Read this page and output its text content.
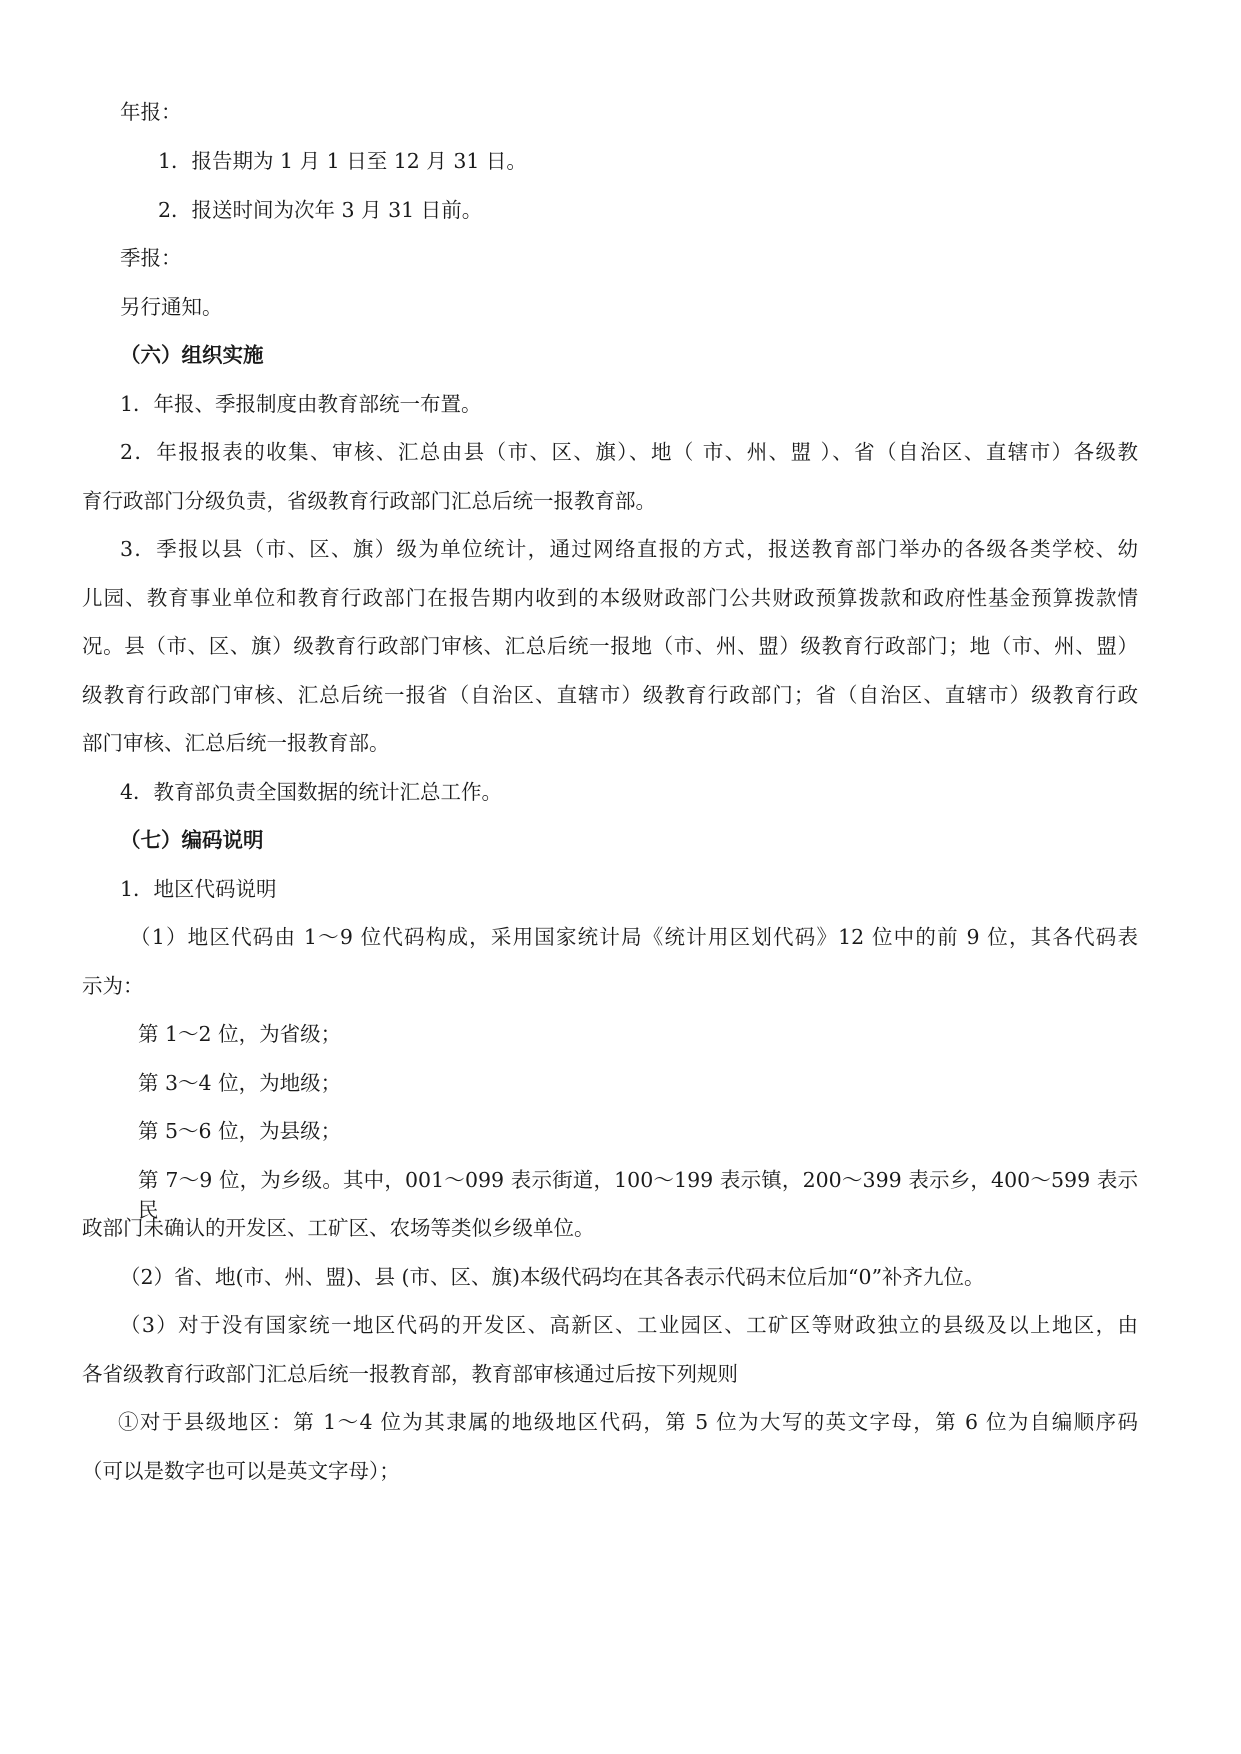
年报：
1．报告期为 1 月 1 日至 12 月 31 日。
2．报送时间为次年 3 月 31 日前。
季报：
另行通知。
（六）组织实施
1．年报、季报制度由教育部统一布置。
2．年报报表的收集、审核、汇总由县（市、区、旗）、地（ 市、州、盟 ）、省（自治区、直辖市）各级教
育行政部门分级负责，省级教育行政部门汇总后统一报教育部。
3．季报以县（市、区、旗）级为单位统计，通过网络直报的方式，报送教育部门举办的各级各类学校、幼
儿园、教育事业单位和教育行政部门在报告期内收到的本级财政部门公共财政预算拨款和政府性基金预算拨款情
况。县（市、区、旗）级教育行政部门审核、汇总后统一报地（市、州、盟）级教育行政部门；地（市、州、盟）
级教育行政部门审核、汇总后统一报省（自治区、直辖市）级教育行政部门；省（自治区、直辖市）级教育行政
部门审核、汇总后统一报教育部。
4．教育部负责全国数据的统计汇总工作。
（七）编码说明
1．地区代码说明
（1）地区代码由 1～9 位代码构成，采用国家统计局《统计用区划代码》12 位中的前 9 位，其各代码表
示为：
第 1～2 位，为省级；
第 3～4 位，为地级；
第 5～6 位，为县级；
第 7～9 位，为乡级。其中，001～099 表示街道，100～199 表示镇，200～399 表示乡，400～599 表示民
政部门未确认的开发区、工矿区、农场等类似乡级单位。
（2）省、地(市、州、盟)、县 (市、区、旗)本级代码均在其各表示代码末位后加“0”补齐九位。
（3）对于没有国家统一地区代码的开发区、高新区、工业园区、工矿区等财政独立的县级及以上地区，由
各省级教育行政部门汇总后统一报教育部，教育部审核通过后按下列规则
①对于县级地区：第 1～4 位为其隶属的地级地区代码，第 5 位为大写的英文字母，第 6 位为自编顺序码
（可以是数字也可以是英文字母）；
